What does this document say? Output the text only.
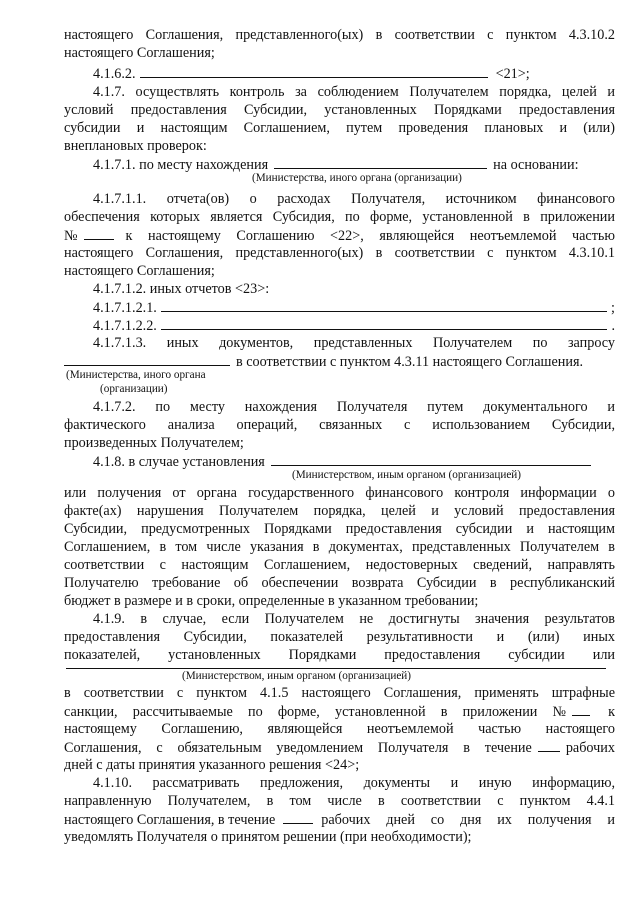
настоящего Соглашения, представленного(ых) в соответствии с пунктом 4.3.10.2
настоящего Соглашения;
4.1.6.2.	<21>;
4.1.7. осуществлять контроль за соблюдением Получателем порядка, целей и
условий предоставления Субсидии, установленных Порядками предоставления
субсидии и настоящим Соглашением, путем проведения плановых и (или)
внеплановых проверок:
4.1.7.1. по месту нахождения	на основании:
(Министерства, иного органа (организации)
4.1.7.1.1. отчета(ов) о расходах Получателя, источником финансового
обеспечения которых является Субсидия, по форме, установленной в приложении
№	к настоящему Соглашению <22>, являющейся неотъемлемой частью
настоящего Соглашения, представленного(ых) в соответствии с пунктом 4.3.10.1
настоящего Соглашения;
4.1.7.1.2. иных отчетов <23>:
4.1.7.1.2.1.	;
4.1.7.1.2.2.	.
4.1.7.1.3. иных документов, представленных Получателем по запросу
в соответствии с пунктом 4.3.11 настоящего Соглашения.
(Министерства, иного органа
(организации)
4.1.7.2. по месту нахождения Получателя путем документального и
фактического анализа операций, связанных с использованием Субсидии,
произведенных Получателем;
4.1.8. в случае установления
(Министерством, иным органом (организацией)
или получения от органа государственного финансового контроля информации о
факте(ах) нарушения Получателем порядка, целей и условий предоставления
Субсидии, предусмотренных Порядками предоставления субсидии и настоящим
Соглашением, в том числе указания в документах, представленных Получателем в
соответствии с настоящим Соглашением, недостоверных сведений, направлять
Получателю требование об обеспечении возврата Субсидии в республиканский
бюджет в размере и в сроки, определенные в указанном требовании;
4.1.9. в случае, если Получателем не достигнуты значения результатов
предоставления Субсидии, показателей результативности и (или) иных
показателей, установленных Порядками предоставления субсидии или
(Министерством, иным органом (организацией)
в соответствии с пунктом 4.1.5 настоящего Соглашения, применять штрафные
санкции, рассчитываемые по форме, установленной в приложении №	к
настоящему Соглашению, являющейся неотъемлемой частью настоящего
Соглашения, с обязательным уведомлением Получателя в течение рабочих
дней с даты принятия указанного решения <24>;
4.1.10. рассматривать предложения, документы и иную информацию,
направленную Получателем, в том числе в соответствии с пунктом 4.4.1
настоящего Соглашения, в течение	рабочих дней со дня их получения и
уведомлять Получателя о принятом решении (при необходимости);
